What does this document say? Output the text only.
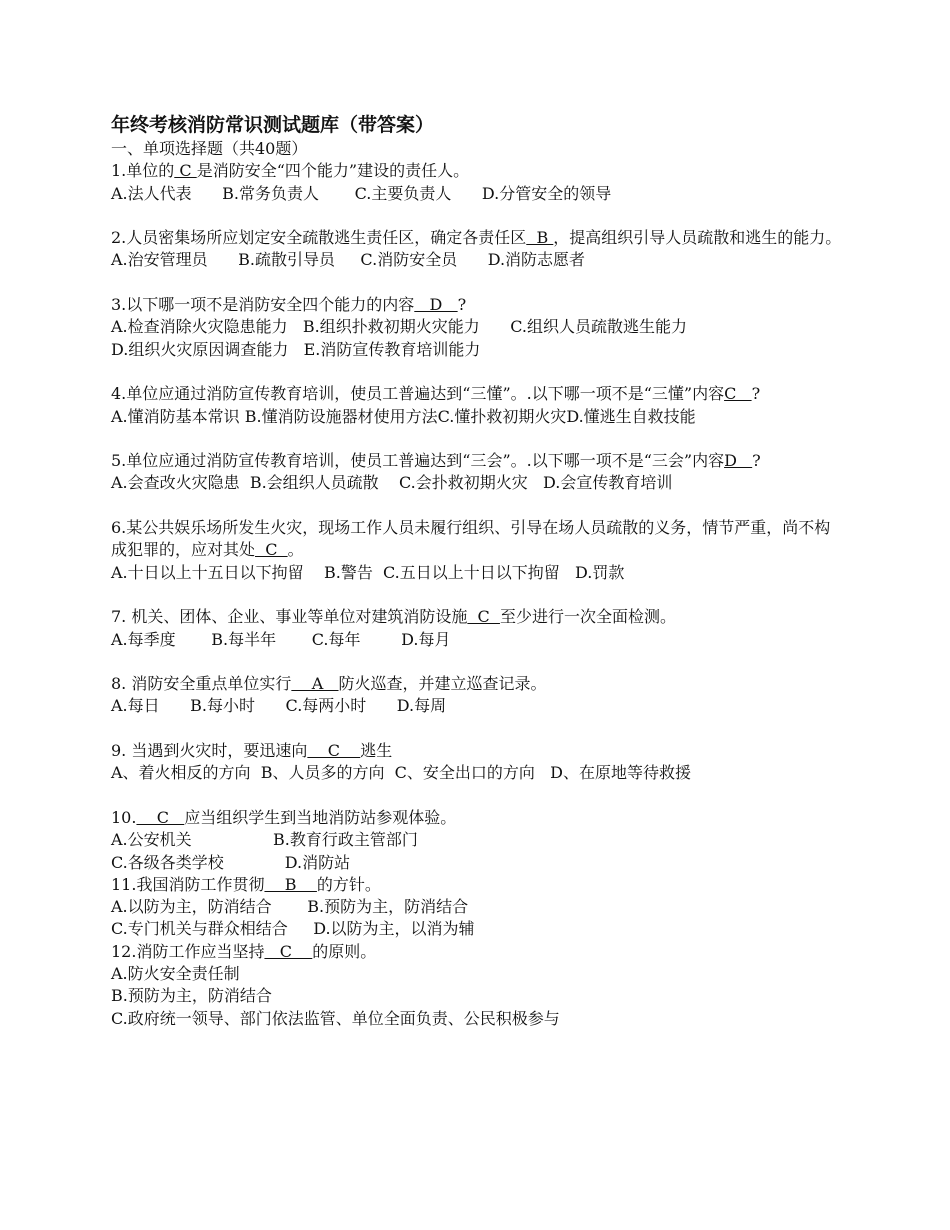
年终考核消防常识测试题库（带答案）

一、单项选择题（共40题）

1.单位的 C 是消防安全“四个能力”建设的责任人。

A.法人代表      B.常务负责人       C.主要负责人      D.分管安全的领导

2.人员密集场所应划定安全疏散逃生责任区，确定各责任区  B ，提高组织引导人员疏散和逃生的能力。

A.治安管理员      B.疏散引导员     C.消防安全员      D.消防志愿者

3.以下哪一项不是消防安全四个能力的内容   D   ?

A.检查消除火灾隐患能力   B.组织扑救初期火灾能力      C.组织人员疏散逃生能力

D.组织火灾原因调查能力   E.消防宣传教育培训能力

4.单位应通过消防宣传教育培训，使员工普遍达到“三懂”。.以下哪一项不是“三懂”内容C   ?

A.懂消防基本常识 B.懂消防设施器材使用方法C.懂扑救初期火灾D.懂逃生自救技能

5.单位应通过消防宣传教育培训，使员工普遍达到“三会”。.以下哪一项不是“三会”内容D   ?

A.会查改火灾隐患  B.会组织人员疏散    C.会扑救初期火灾   D.会宣传教育培训

6.某公共娱乐场所发生火灾，现场工作人员未履行组织、引导在场人员疏散的义务，情节严重，尚不构成犯罪的，应对其处  C  。

A.十日以上十五日以下拘留    B.警告  C.五日以上十日以下拘留   D.罚款

7. 机关、团体、企业、事业等单位对建筑消防设施  C  至少进行一次全面检测。

A.每季度       B.每半年       C.每年        D.每月

8. 消防安全重点单位实行    A   防火巡查，并建立巡查记录。

A.每日      B.每小时      C.每两小时      D.每周

9. 当遇到火灾时，要迅速向    C    逃生

A、着火相反的方向  B、人员多的方向  C、安全出口的方向   D、在原地等待救援

10.    C   应当组织学生到当地消防站参观体验。

A.公安机关                B.教育行政主管部门

C.各级各类学校            D.消防站

11.我国消防工作贯彻    B    的方针。

A.以防为主，防消结合       B.预防为主，防消结合

C.专门机关与群众相结合     D.以防为主，以消为辅

12.消防工作应当坚持   C    的原则。

A.防火安全责任制

B.预防为主，防消结合

C.政府统一领导、部门依法监管、单位全面负责、公民积极参与
